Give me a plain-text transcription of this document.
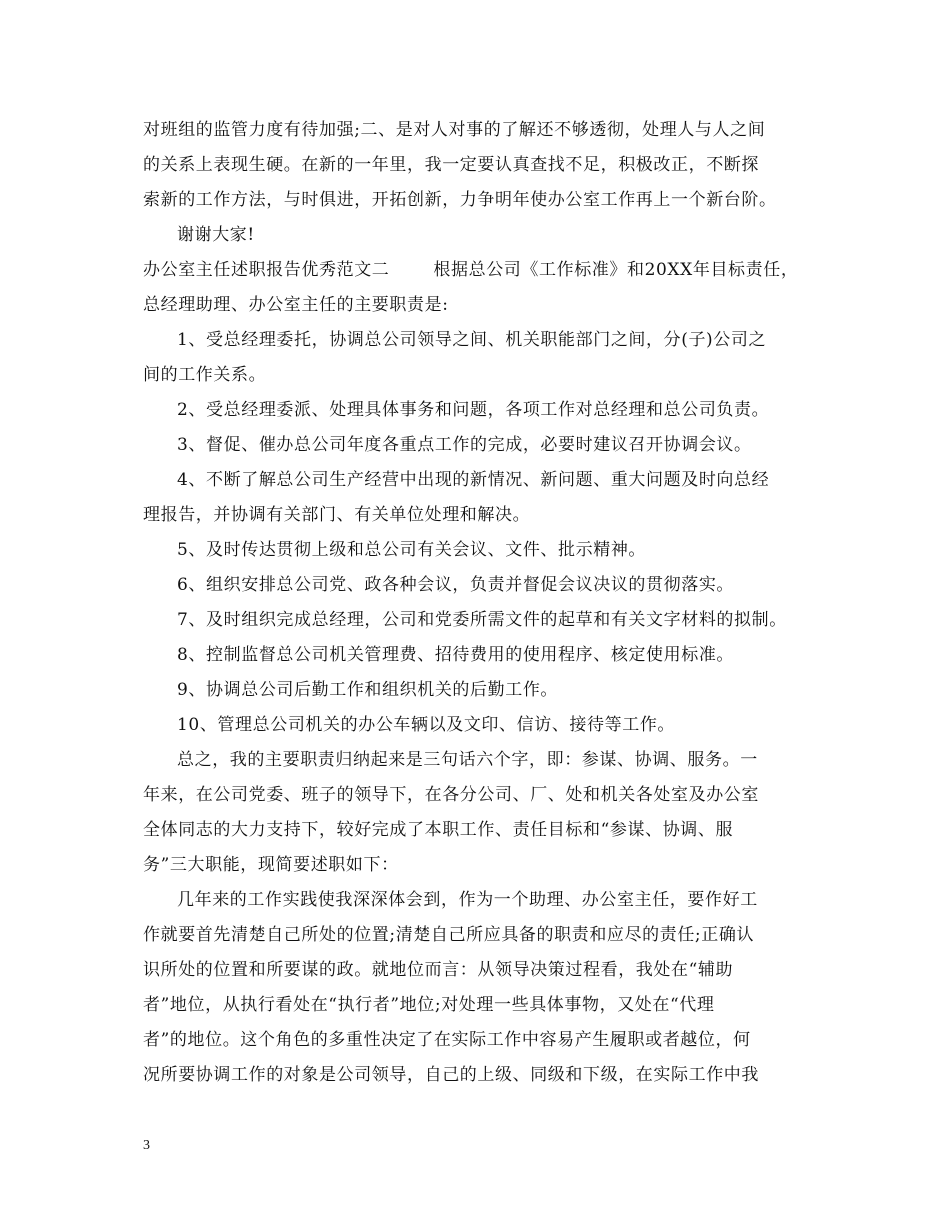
对班组的监管力度有待加强;二、是对人对事的了解还不够透彻，处理人与人之间
的关系上表现生硬。在新的一年里，我一定要认真查找不足，积极改正，不断探
索新的工作方法，与时俱进，开拓创新，力争明年使办公室工作再上一个新台阶。
谢谢大家!
办公室主任述职报告优秀范文二	根据总公司《工作标准》和20XX年目标责任，
总经理助理、办公室主任的主要职责是:
1、受总经理委托，协调总公司领导之间、机关职能部门之间，分(子)公司之
间的工作关系。
2、受总经理委派、处理具体事务和问题，各项工作对总经理和总公司负责。
3、督促、催办总公司年度各重点工作的完成，必要时建议召开协调会议。
4、不断了解总公司生产经营中出现的新情况、新问题、重大问题及时向总经
理报告，并协调有关部门、有关单位处理和解决。
5、及时传达贯彻上级和总公司有关会议、文件、批示精神。
6、组织安排总公司党、政各种会议，负责并督促会议决议的贯彻落实。
7、及时组织完成总经理，公司和党委所需文件的起草和有关文字材料的拟制。
8、控制监督总公司机关管理费、招待费用的使用程序、核定使用标准。
9、协调总公司后勤工作和组织机关的后勤工作。
10、管理总公司机关的办公车辆以及文印、信访、接待等工作。
总之，我的主要职责归纳起来是三句话六个字，即：参谋、协调、服务。一
年来，在公司党委、班子的领导下，在各分公司、厂、处和机关各处室及办公室
全体同志的大力支持下，较好完成了本职工作、责任目标和“参谋、协调、服
务”三大职能，现简要述职如下：
几年来的工作实践使我深深体会到，作为一个助理、办公室主任，要作好工
作就要首先清楚自己所处的位置;清楚自己所应具备的职责和应尽的责任;正确认
识所处的位置和所要谋的政。就地位而言：从领导决策过程看，我处在“辅助
者”地位，从执行看处在“执行者”地位;对处理一些具体事物，又处在“代理
者”的地位。这个角色的多重性决定了在实际工作中容易产生履职或者越位，何
况所要协调工作的对象是公司领导，自己的上级、同级和下级，在实际工作中我
3
